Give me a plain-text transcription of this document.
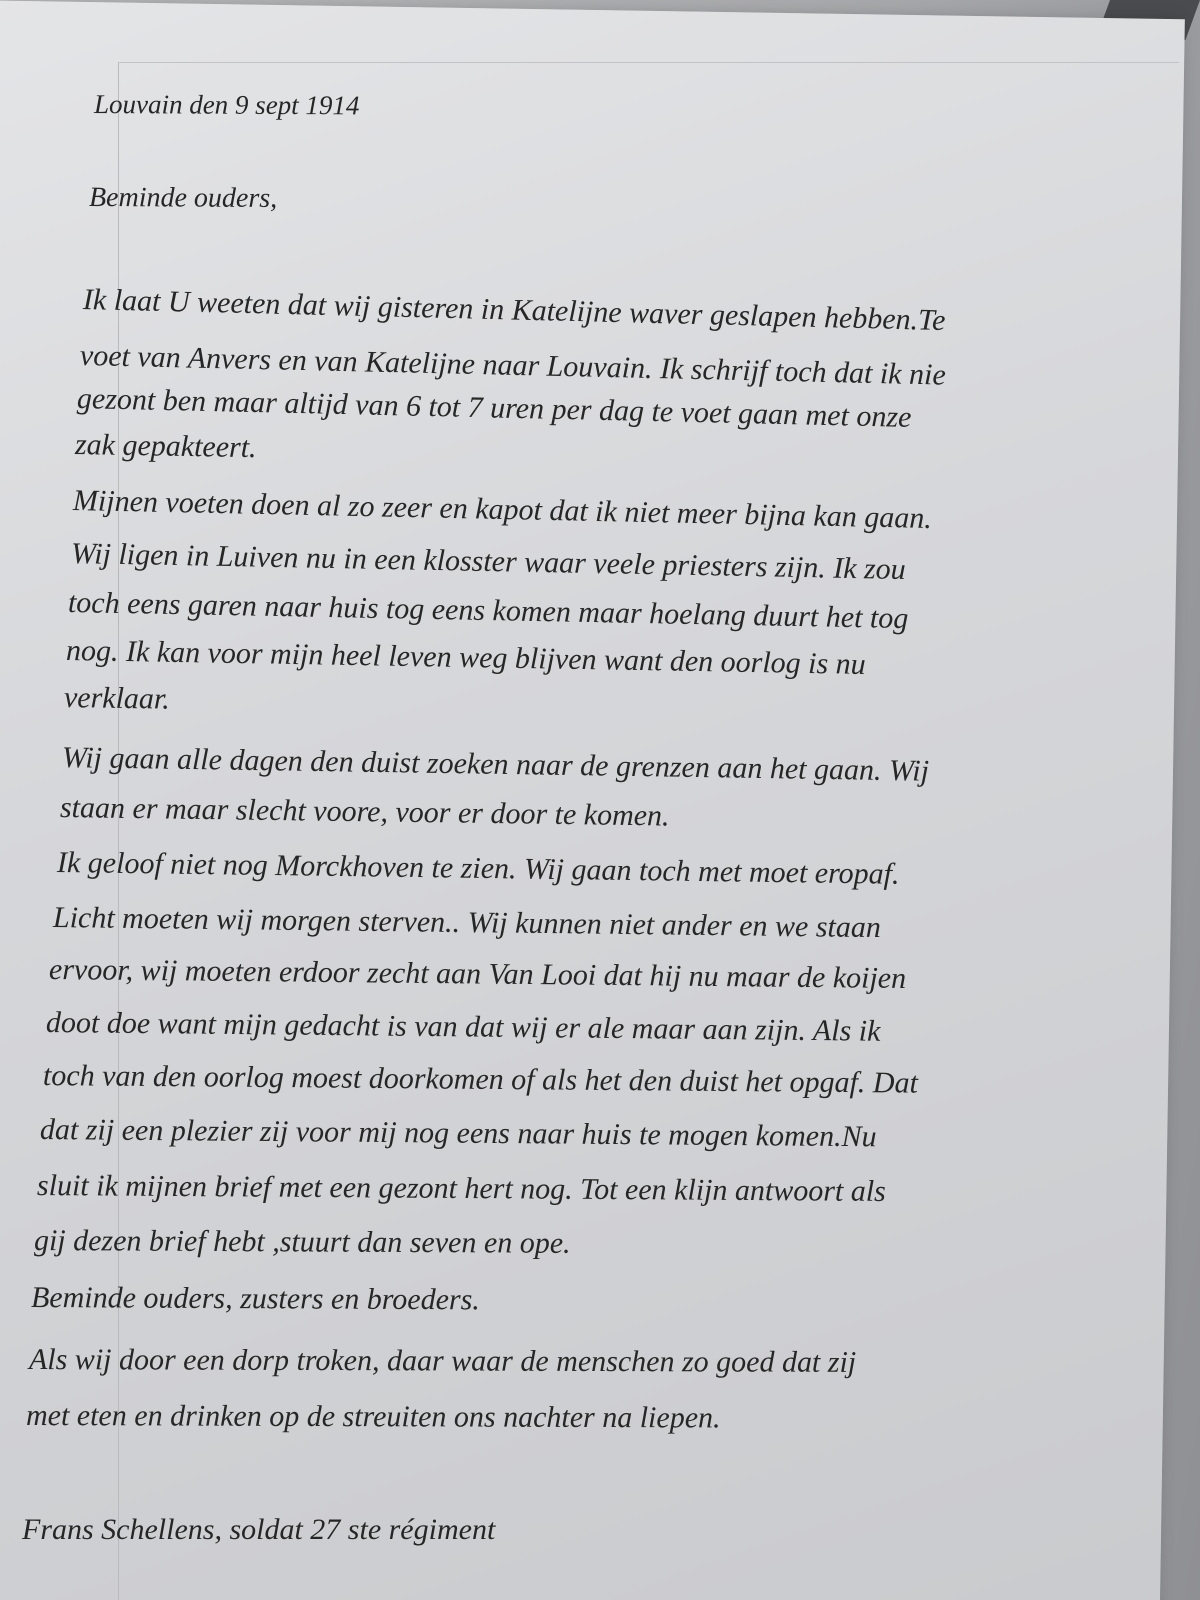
Louvain den 9 sept 1914
Beminde ouders,
Ik laat U weeten dat wij gisteren in Katelijne waver geslapen hebben.Te
voet van Anvers en van Katelijne naar Louvain. Ik schrijf toch dat ik nie
gezont ben maar altijd van 6 tot 7 uren per dag te voet gaan met onze
zak gepakteert.
Mijnen voeten doen al zo zeer en kapot dat ik niet meer bijna kan gaan.
Wij ligen in Luiven nu in een klosster waar veele priesters zijn. Ik zou
toch eens garen naar huis tog eens komen maar hoelang duurt het tog
nog. Ik kan voor mijn heel leven weg blijven want den oorlog is nu
verklaar.
Wij gaan alle dagen den duist zoeken naar de grenzen aan het gaan. Wij
staan er maar slecht voore, voor er door te komen.
Ik geloof niet nog Morckhoven te zien. Wij gaan toch met moet eropaf.
Licht moeten wij morgen sterven.. Wij kunnen niet ander en we staan
ervoor, wij moeten erdoor zecht aan Van Looi dat hij nu maar de koijen
doot doe want mijn gedacht is van dat wij er ale maar aan zijn. Als ik
toch van den oorlog moest doorkomen of als het den duist het opgaf. Dat
dat zij een plezier zij voor mij nog eens naar huis te mogen komen.Nu
sluit ik mijnen brief met een gezont hert nog. Tot een klijn antwoort als
gij dezen brief hebt ,stuurt dan seven en ope.
Beminde ouders, zusters en broeders.
Als wij door een dorp troken, daar waar de menschen zo goed dat zij
met eten en drinken op de streuiten ons nachter na liepen.
Frans Schellens, soldat 27 ste régiment
